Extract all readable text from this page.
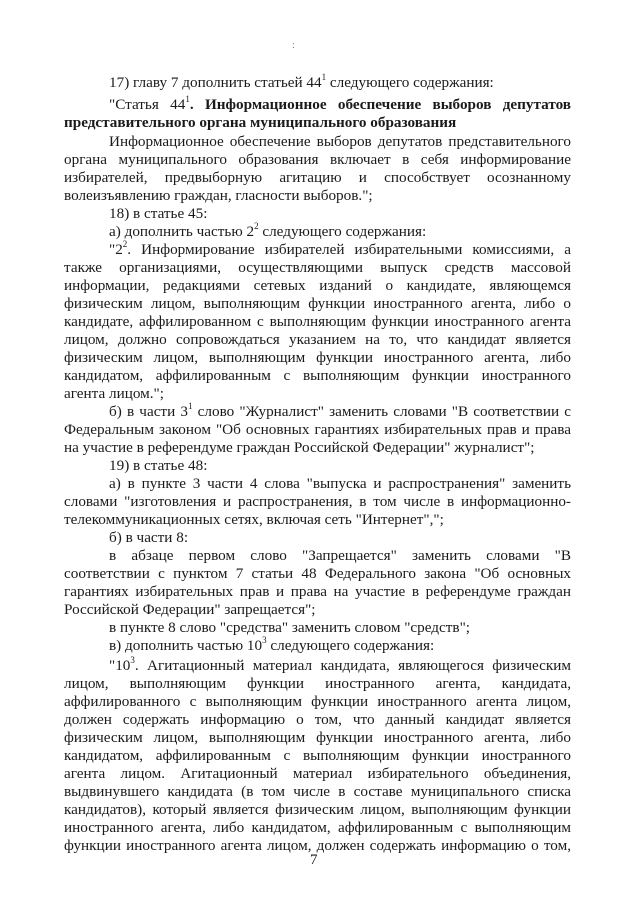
:
17) главу 7 дополнить статьей $44^1$ следующего содержания:
"Статья $44^1$. Информационное обеспечение выборов депутатов
представительного органа муниципального образования
Информационное обеспечение выборов депутатов представительного
органа муниципального образования включает в себя информирование
избирателей, предвыборную агитацию и способствует осознанному
волеизъявлению граждан, гласности выборов.";
18) в статье 45:
а) дополнить частью $2^2$ следующего содержания:
"$2^2$. Информирование избирателей избирательными комиссиями, а
также организациями, осуществляющими выпуск средств массовой
информации, редакциями сетевых изданий о кандидате, являющемся
физическим лицом, выполняющим функции иностранного агента, либо о
кандидате, аффилированном с выполняющим функции иностранного агента
лицом, должно сопровождаться указанием на то, что кандидат является
физическим лицом, выполняющим функции иностранного агента, либо
кандидатом, аффилированным с выполняющим функции иностранного
агента лицом.";
б) в части $3^1$ слово "Журналист" заменить словами "В соответствии с
Федеральным законом "Об основных гарантиях избирательных прав и права
на участие в референдуме граждан Российской Федерации" журналист";
19) в статье 48:
а) в пункте 3 части 4 слова "выпуска и распространения" заменить
словами "изготовления и распространения, в том числе в информационно-
телекоммуникационных сетях, включая сеть "Интернет",";
б) в части 8:
в абзаце первом слово "Запрещается" заменить словами "В
соответствии с пунктом 7 статьи 48 Федерального закона "Об основных
гарантиях избирательных прав и права на участие в референдуме граждан
Российской Федерации" запрещается";
в пункте 8 слово "средства" заменить словом "средств";
в) дополнить частью $10^3$ следующего содержания:
"$10^3$. Агитационный материал кандидата, являющегося физическим
лицом, выполняющим функции иностранного агента, кандидата,
аффилированного с выполняющим функции иностранного агента лицом,
должен содержать информацию о том, что данный кандидат является
физическим лицом, выполняющим функции иностранного агента, либо
кандидатом, аффилированным с выполняющим функции иностранного
агента лицом. Агитационный материал избирательного объединения,
выдвинувшего кандидата (в том числе в составе муниципального списка
кандидатов), который является физическим лицом, выполняющим функции
иностранного агента, либо кандидатом, аффилированным с выполняющим
функции иностранного агента лицом, должен содержать информацию о том,
7
